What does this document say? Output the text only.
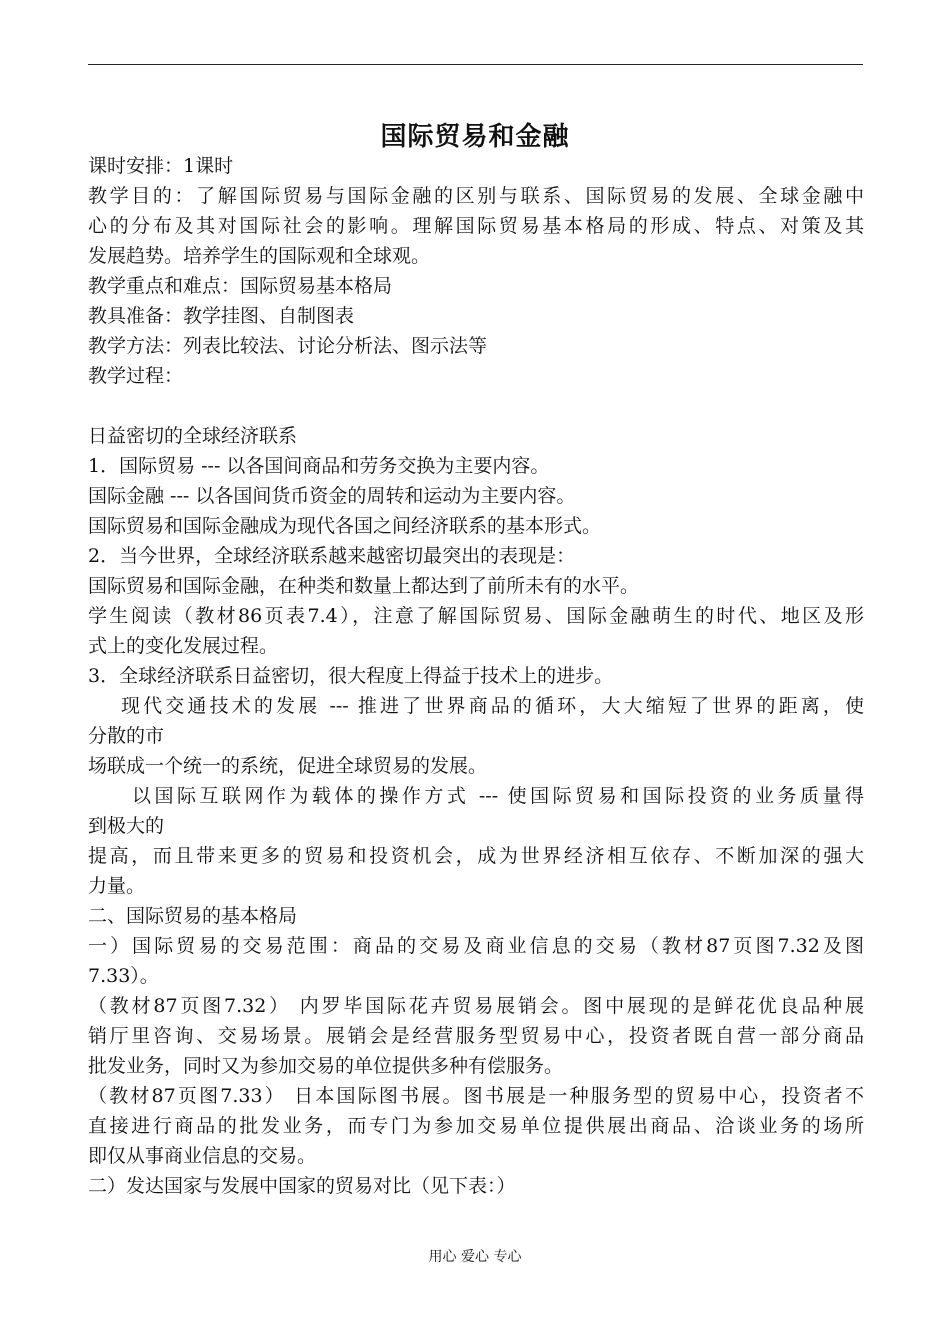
国际贸易和金融
课时安排：1课时
教学目的：了解国际贸易与国际金融的区别与联系、国际贸易的发展、全球金融中
心的分布及其对国际社会的影响。理解国际贸易基本格局的形成、特点、对策及其
发展趋势。培养学生的国际观和全球观。
教学重点和难点：国际贸易基本格局
教具准备：教学挂图、自制图表
教学方法：列表比较法、讨论分析法、图示法等
教学过程：
日益密切的全球经济联系
1．国际贸易 --- 以各国间商品和劳务交换为主要内容。
国际金融 --- 以各国间货币资金的周转和运动为主要内容。
国际贸易和国际金融成为现代各国之间经济联系的基本形式。
2．当今世界，全球经济联系越来越密切最突出的表现是：
国际贸易和国际金融，在种类和数量上都达到了前所未有的水平。
学生阅读（教材86页表7.4），注意了解国际贸易、国际金融萌生的时代、地区及形
式上的变化发展过程。
3．全球经济联系日益密切，很大程度上得益于技术上的进步。
现代交通技术的发展 --- 推进了世界商品的循环，大大缩短了世界的距离，使
分散的市
场联成一个统一的系统，促进全球贸易的发展。
以国际互联网作为载体的操作方式 --- 使国际贸易和国际投资的业务质量得
到极大的
提高，而且带来更多的贸易和投资机会，成为世界经济相互依存、不断加深的强大
力量。
二、国际贸易的基本格局
一）国际贸易的交易范围：商品的交易及商业信息的交易（教材87页图7.32及图
7.33）。
（教材87页图7.32） 内罗毕国际花卉贸易展销会。图中展现的是鲜花优良品种展
销厅里咨询、交易场景。展销会是经营服务型贸易中心，投资者既自营一部分商品
批发业务，同时又为参加交易的单位提供多种有偿服务。
（教材87页图7.33） 日本国际图书展。图书展是一种服务型的贸易中心，投资者不
直接进行商品的批发业务，而专门为参加交易单位提供展出商品、洽谈业务的场所
即仅从事商业信息的交易。
二）发达国家与发展中国家的贸易对比（见下表：）
用心 爱心 专心
